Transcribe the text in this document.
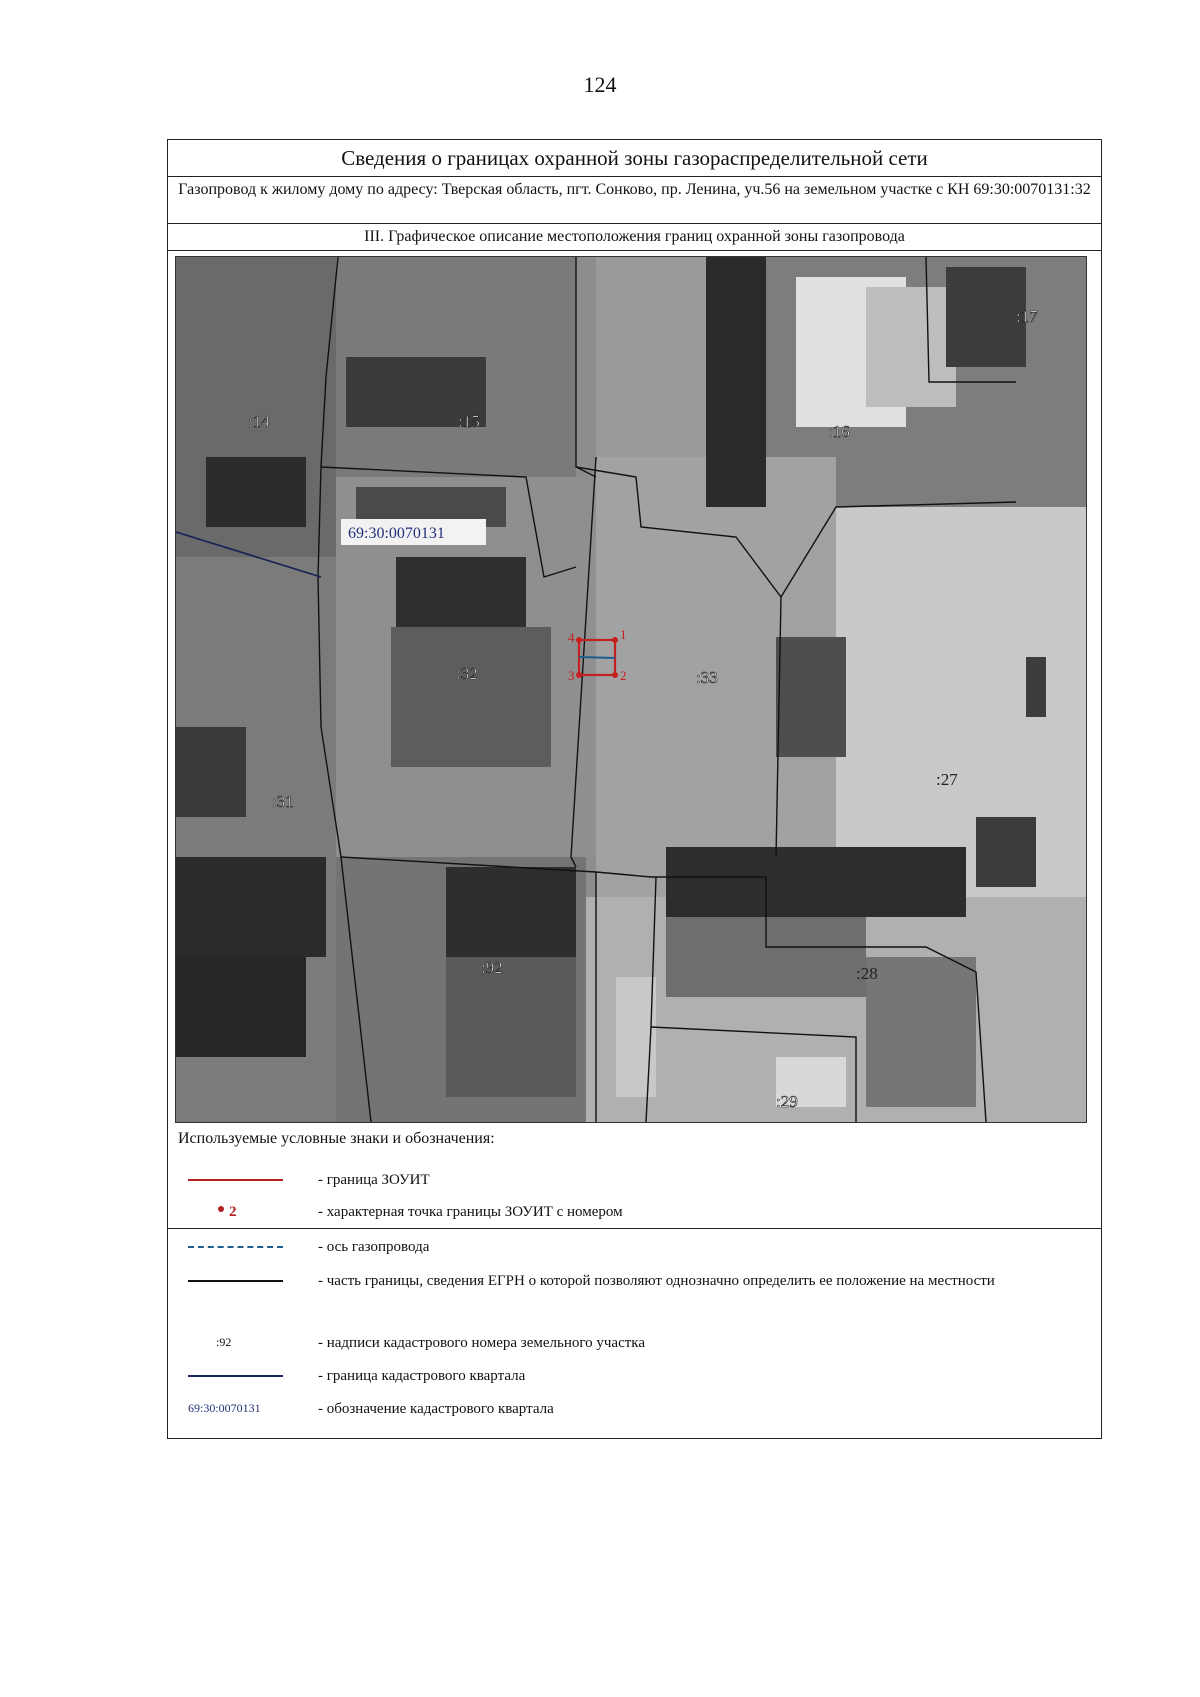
124
Сведения о границах охранной зоны газораспределительной сети
Газопровод к жилому дому по адресу: Тверская область, пгт. Сонково, пр. Ленина, уч.56 на земельном участке с КН 69:30:0070131:32
III. Графическое описание местоположения границ охранной зоны газопровода
1
2
3
4
69:30:0070131
:14	:15
:16
:17
:32	:33
:31
:27
:92	:28
:29
Используемые условные знаки и обозначения:
- граница ЗОУИТ
2	- характерная точка границы ЗОУИТ с номером
- ось газопровода
- часть границы, сведения ЕГРН о которой позволяют однозначно определить ее положение на местности
:92	- надписи кадастрового номера земельного участка
- граница кадастрового квартала
69:30:0070131	- обозначение кадастрового квартала
